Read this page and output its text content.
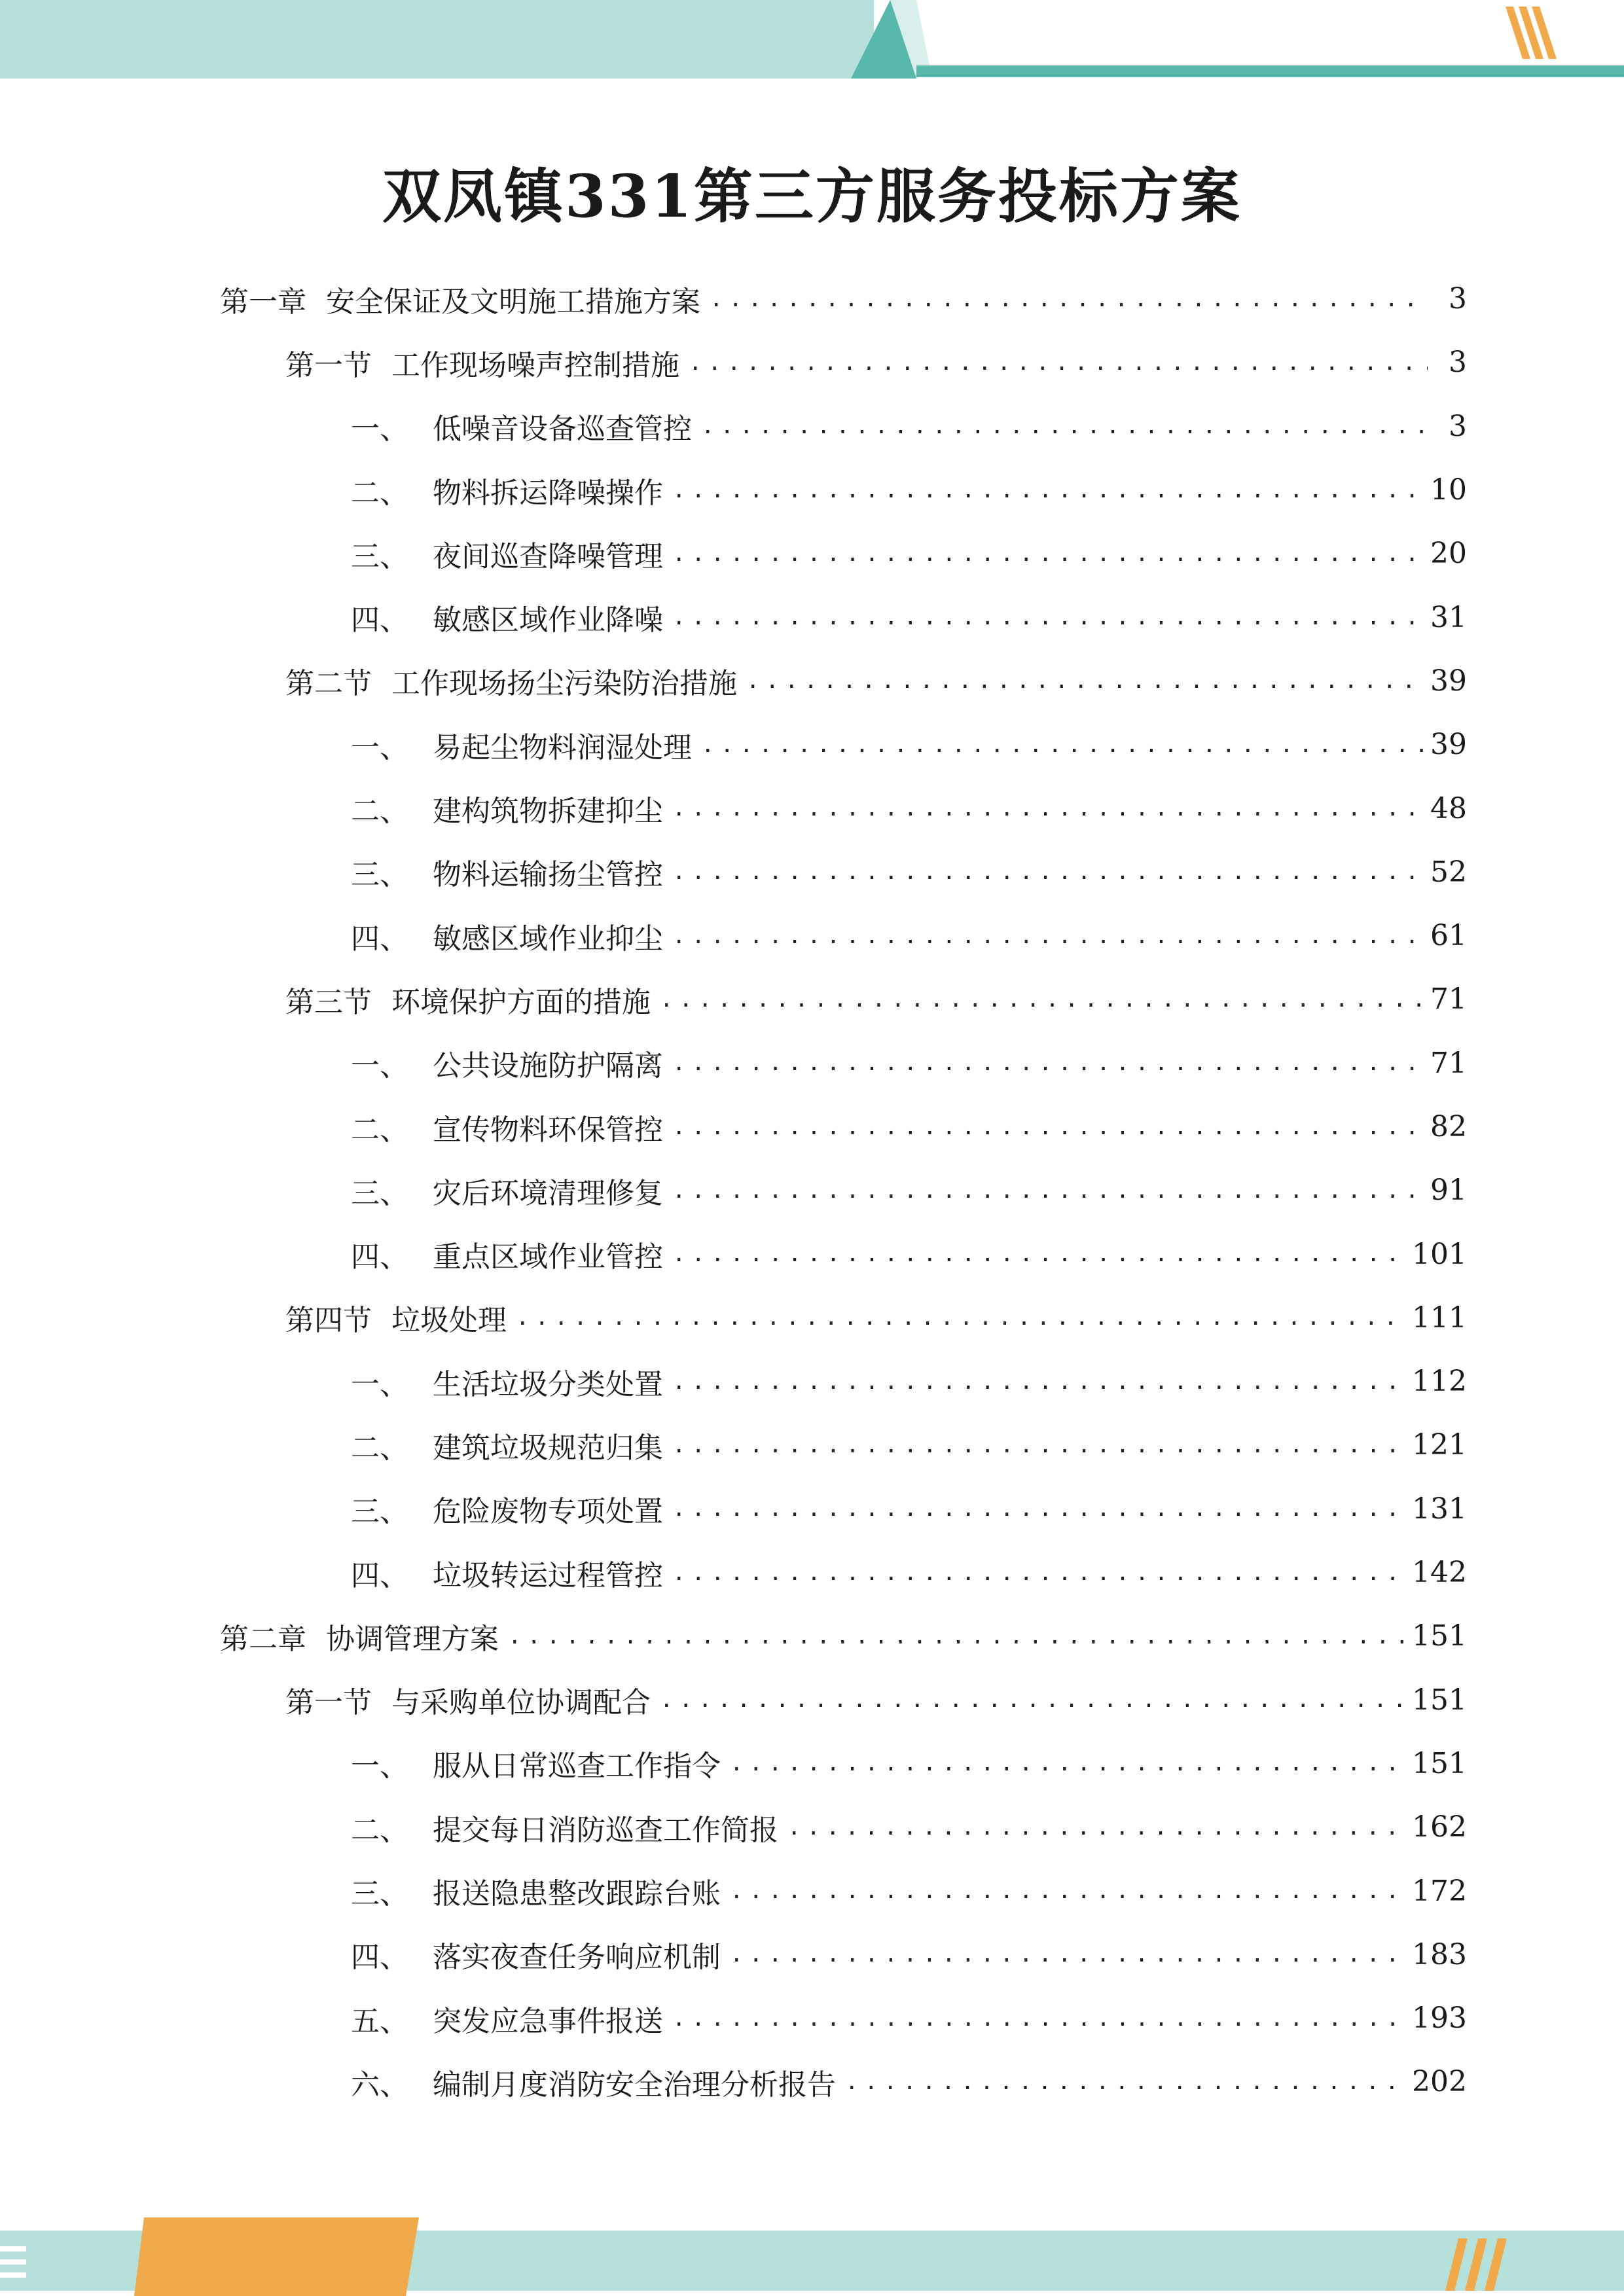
双凤镇331第三方服务投标方案
第一章 安全保证及文明施工措施方案 .....	3
第一节 工作现场噪声控制措施 .....	3
一、 低噪音设备巡查管控 .....	3
二、 物料拆运降噪操作 .....	10
三、 夜间巡查降噪管理 .....	20
四、 敏感区域作业降噪 .....	31
第二节 工作现场扬尘污染防治措施 .....	39
一、 易起尘物料润湿处理 .....	39
二、 建构筑物拆建抑尘 .....	48
三、 物料运输扬尘管控 .....	52
四、 敏感区域作业抑尘 .....	61
第三节 环境保护方面的措施 .....	71
一、 公共设施防护隔离 .....	71
二、 宣传物料环保管控 .....	82
三、 灾后环境清理修复 .....	91
四、 重点区域作业管控 .....	101
第四节 垃圾处理 .....	111
一、 生活垃圾分类处置 .....	112
二、 建筑垃圾规范归集 .....	121
三、 危险废物专项处置 .....	131
四、 垃圾转运过程管控 .....	142
第二章 协调管理方案 .....	151
第一节 与采购单位协调配合 .....	151
一、 服从日常巡查工作指令 .....	151
二、 提交每日消防巡查工作简报 .....	162
三、 报送隐患整改跟踪台账 .....	172
四、 落实夜查任务响应机制 .....	183
五、 突发应急事件报送 .....	193
六、 编制月度消防安全治理分析报告 .....	202
